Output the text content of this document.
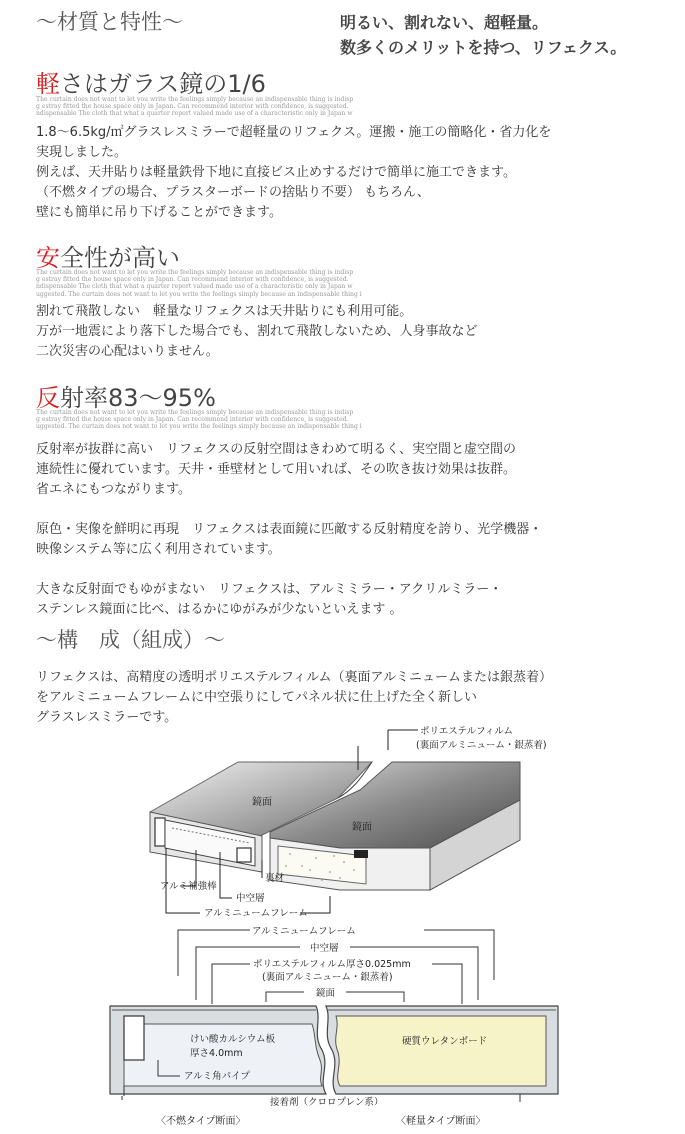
〜材質と特性〜	明るい、割れない、超軽量。
数多くのメリットを持つ、リフェクス。
軽さはガラス鏡の1/6
The curtain does not want to let you write the feelings simply because an indispensable thing is indisp
g estray fitted the house space only in Japan. Can recommend interior with confidence, is suggested.
ndispensable The cloth that what a quarter report valued made use of a characteristic only in Japan w
1.8〜6.5kg/㎡グラスレスミラーで超軽量のリフェクス。運搬・施工の簡略化・省力化を
実現しました。
例えば、天井貼りは軽量鉄骨下地に直接ビス止めするだけで簡単に施工できます。
（不燃タイプの場合、プラスターボードの捨貼り不要） もちろん、
壁にも簡単に吊り下げることができます。
安全性が高い
The curtain does not want to let you write the feelings simply because an indispensable thing is indisp
g estray fitted the house space only in Japan. Can recommend interior with confidence, is suggested.
ndispensable The cloth that what a quarter report valued made use of a characteristic only in Japan w
uggested. The curtain does not want to let you write the feelings simply because an indispensable thing i
割れて飛散しない　軽量なリフェクスは天井貼りにも利用可能。
万が一地震により落下した場合でも、割れて飛散しないため、人身事故など
二次災害の心配はいりません。
反射率83〜95%
The curtain does not want to let you write the feelings simply because an indispensable thing is indisp
g estray fitted the house space only in Japan. Can recommend interior with confidence, is suggested.
uggested. The curtain does not want to let you write the feelings simply because an indispensable thing i
反射率が抜群に高い　リフェクスの反射空間はきわめて明るく、実空間と虚空間の
連続性に優れています。天井・垂壁材として用いれば、その吹き抜け効果は抜群。
省エネにもつながります。
原色・実像を鮮明に再現　リフェクスは表面鏡に匹敵する反射精度を誇り、光学機器・
映像システム等に広く利用されています。
大きな反射面でもゆがまない　リフェクスは、アルミミラー・アクリルミラー・
ステンレス鏡面に比べ、はるかにゆがみが少ないといえます 。
〜構　成（組成）〜
リフェクスは、高精度の透明ポリエステルフィルム（裏面アルミニュームまたは銀蒸着）
をアルミニュームフレームに中空張りにしてパネル状に仕上げた全く新しい
グラスレスミラーです。
ポリエステルフィルム
(裏面アルミニューム・銀蒸着)
鏡面
鏡面
アルミ補強棒
裏材
中空層
アルミニュームフレーム
アルミニュームフレーム
中空層
ポリエステルフィルム厚さ0.025mm
(裏面アルミニューム・銀蒸着)
鏡面
けい酸カルシウム板
厚さ4.0mm
硬質ウレタンボード
アルミ角パイプ
接着剤（クロロプレン系）
〈不燃タイプ断面〉	〈軽量タイプ断面〉
